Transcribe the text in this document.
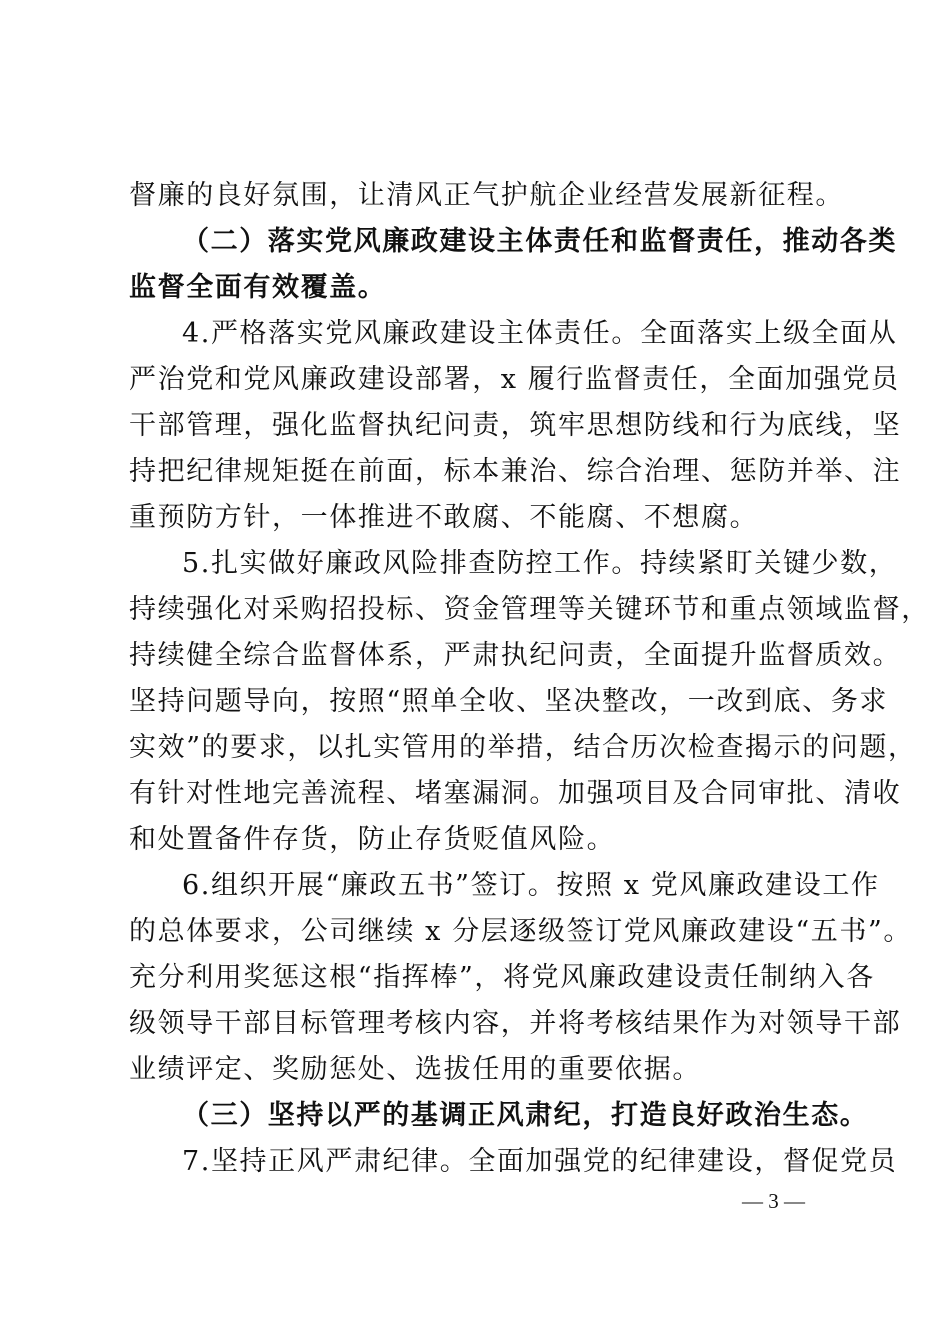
督廉的良好氛围，让清风正气护航企业经营发展新征程。
（二）落实党风廉政建设主体责任和监督责任，推动各类
监督全面有效覆盖。
4.严格落实党风廉政建设主体责任。全面落实上级全面从
严治党和党风廉政建设部署，x 履行监督责任，全面加强党员
干部管理，强化监督执纪问责，筑牢思想防线和行为底线，坚
持把纪律规矩挺在前面，标本兼治、综合治理、惩防并举、注
重预防方针，一体推进不敢腐、不能腐、不想腐。
5.扎实做好廉政风险排查防控工作。持续紧盯关键少数，
持续强化对采购招投标、资金管理等关键环节和重点领域监督，
持续健全综合监督体系，严肃执纪问责，全面提升监督质效。
坚持问题导向，按照“照单全收、坚决整改，一改到底、务求
实效”的要求，以扎实管用的举措，结合历次检查揭示的问题，
有针对性地完善流程、堵塞漏洞。加强项目及合同审批、清收
和处置备件存货，防止存货贬值风险。
6.组织开展“廉政五书”签订。按照 x 党风廉政建设工作
的总体要求，公司继续 x 分层逐级签订党风廉政建设“五书”。
充分利用奖惩这根“指挥棒”，将党风廉政建设责任制纳入各
级领导干部目标管理考核内容，并将考核结果作为对领导干部
业绩评定、奖励惩处、选拔任用的重要依据。
（三）坚持以严的基调正风肃纪，打造良好政治生态。
7.坚持正风严肃纪律。全面加强党的纪律建设，督促党员
— 3 —
